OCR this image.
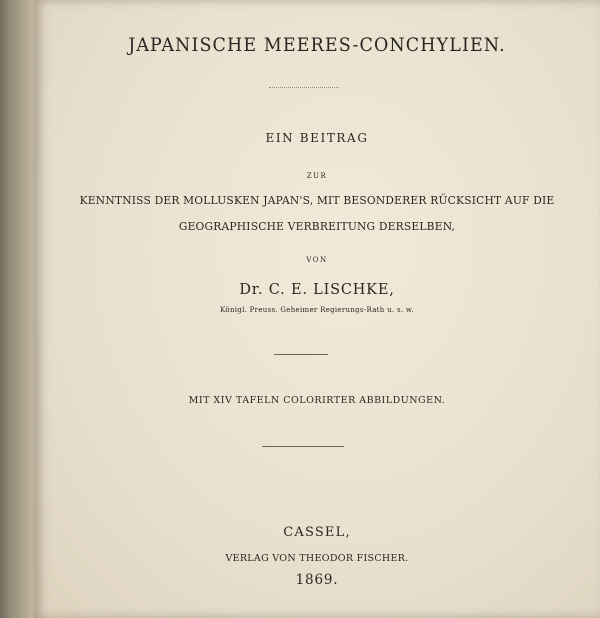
JAPANISCHE MEERES-CONCHYLIEN.
EIN BEITRAG
ZUR
KENNTNISS DER MOLLUSKEN JAPAN'S, MIT BESONDERER RÜCKSICHT AUF DIE
GEOGRAPHISCHE VERBREITUNG DERSELBEN,
VON
Dr. C. E. LISCHKE,
Königl. Preuss. Geheimer Regierungs-Rath u. s. w.
MIT XIV TAFELN COLORIRTER ABBILDUNGEN.
CASSEL,
VERLAG VON THEODOR FISCHER.
1869.
